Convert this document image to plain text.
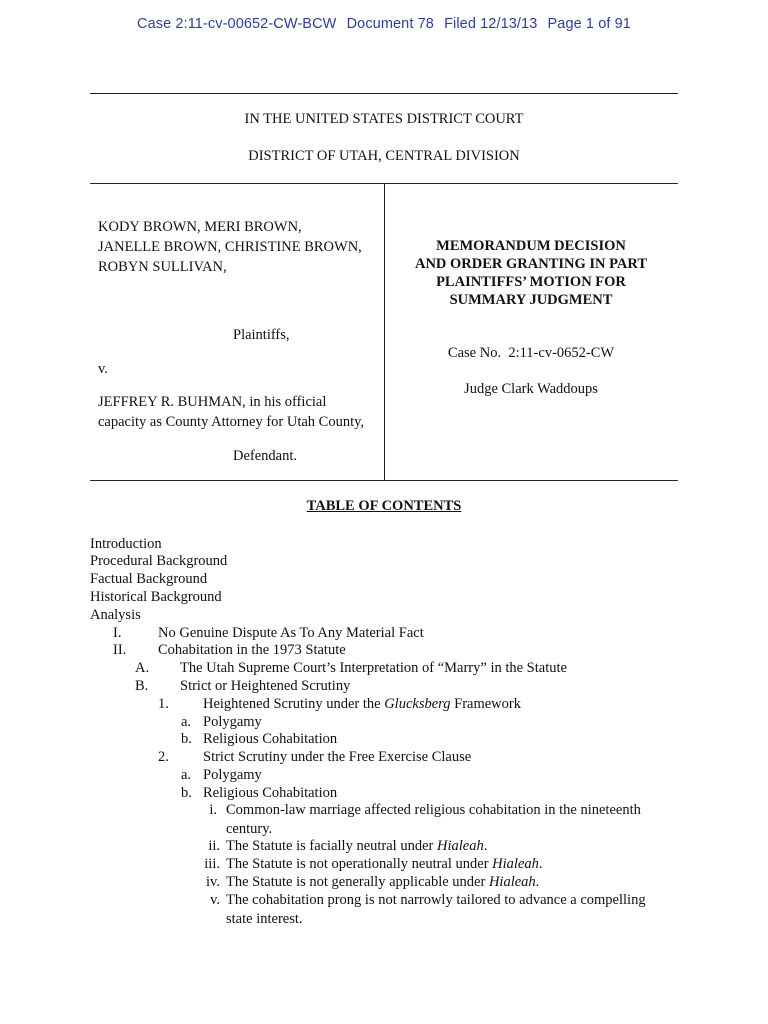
Case 2:11-cv-00652-CW-BCW Document 78 Filed 12/13/13 Page 1 of 91
IN THE UNITED STATES DISTRICT COURT
DISTRICT OF UTAH, CENTRAL DIVISION
KODY BROWN, MERI BROWN,
JANELLE BROWN, CHRISTINE BROWN,
ROBYN SULLIVAN,
Plaintiffs,
v.
JEFFREY R. BUHMAN, in his official
capacity as County Attorney for Utah County,
Defendant.
MEMORANDUM DECISION
AND ORDER GRANTING IN PART
PLAINTIFFS’ MOTION FOR
SUMMARY JUDGMENT
Case No.  2:11-cv-0652-CW
Judge Clark Waddoups
TABLE OF CONTENTS
Introduction
Procedural Background
Factual Background
Historical Background
Analysis
I.	No Genuine Dispute As To Any Material Fact
II. Cohabitation in the 1973 Statute
A. The Utah Supreme Court’s Interpretation of “Marry” in the Statute
B. Strict or Heightened Scrutiny
1. Heightened Scrutiny under the Glucksberg Framework
a. Polygamy
b. Religious Cohabitation
2. Strict Scrutiny under the Free Exercise Clause
a. Polygamy
b. Religious Cohabitation
i. Common-law marriage affected religious cohabitation in the nineteenth
century.
ii. The Statute is facially neutral under Hialeah.
iii. The Statute is not operationally neutral under Hialeah.
iv. The Statute is not generally applicable under Hialeah.
v. The cohabitation prong is not narrowly tailored to advance a compelling
state interest.
